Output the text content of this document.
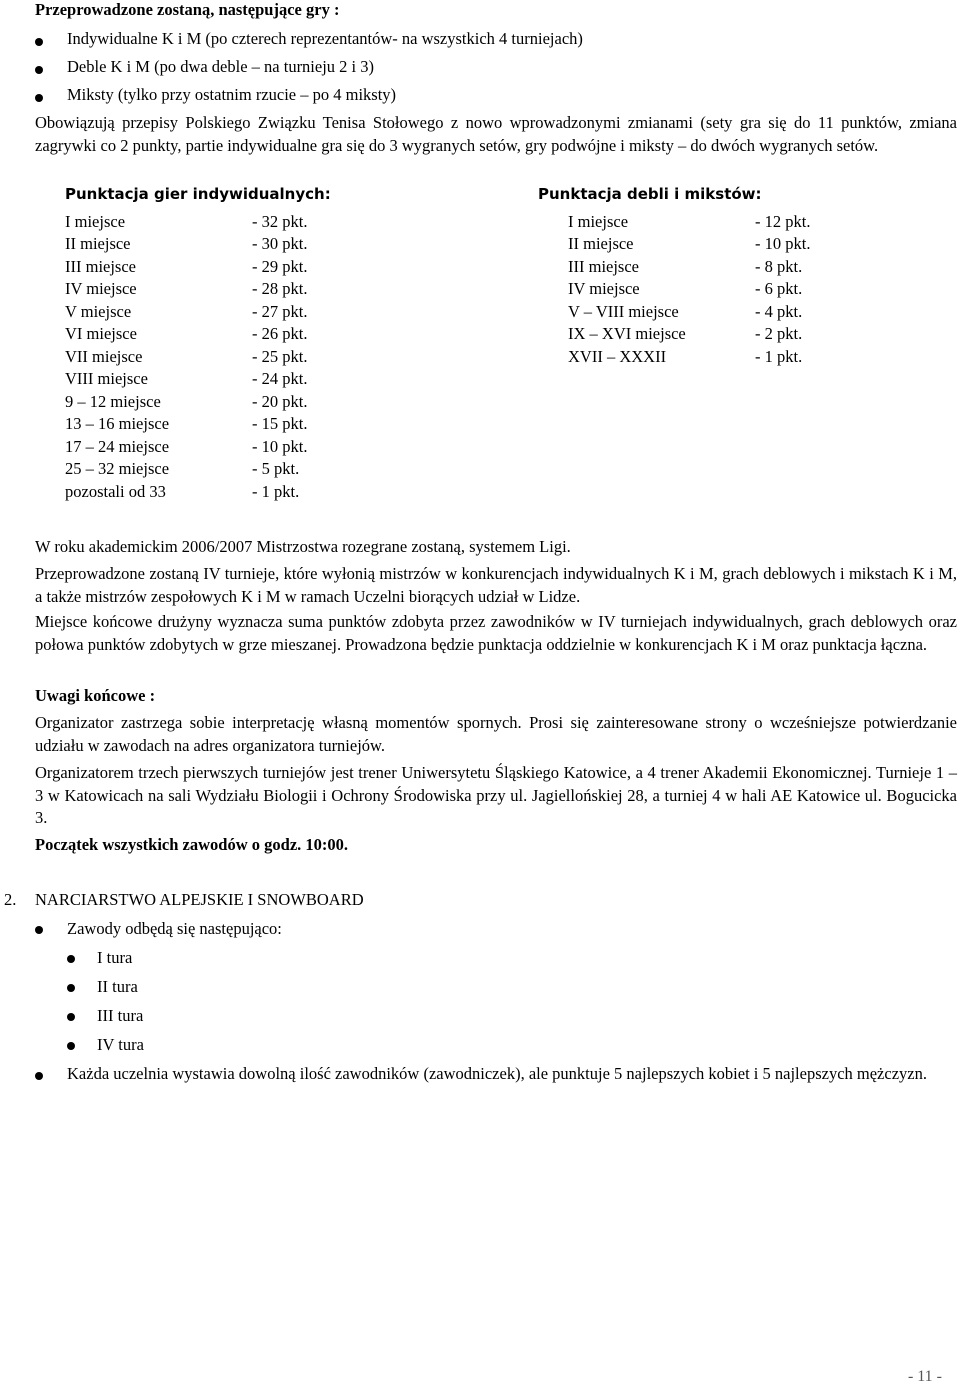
Przeprowadzone zostaną, następujące gry :
Indywidualne K i M (po czterech reprezentantów- na wszystkich 4 turniejach)
Deble K i M (po dwa deble – na turnieju 2 i 3)
Miksty (tylko przy ostatnim rzucie – po 4 miksty)
Obowiązują przepisy Polskiego Związku Tenisa Stołowego z nowo wprowadzonymi zmianami (sety gra się do 11 punktów, zmiana zagrywki co 2 punkty, partie indywidualne gra się do 3 wygranych setów, gry podwójne i miksty – do dwóch wygranych setów.
Punktacja gier indywidualnych:	Punktacja debli i mikstów:
I miejsce	- 32 pkt.
II miejsce	- 30 pkt.
III miejsce	- 29 pkt.
IV miejsce	- 28 pkt.
V miejsce	- 27 pkt.
VI miejsce	- 26 pkt.
VII miejsce	- 25 pkt.
VIII miejsce	- 24 pkt.
9 – 12 miejsce	- 20 pkt.
13 – 16 miejsce	- 15 pkt.
17 – 24 miejsce	- 10 pkt.
25 – 32 miejsce	- 5 pkt.
pozostali od 33	- 1 pkt.
I miejsce	- 12 pkt.
II miejsce	- 10 pkt.
III miejsce	- 8 pkt.
IV miejsce	- 6 pkt.
V – VIII miejsce	- 4 pkt.
IX – XVI miejsce	- 2 pkt.
XVII – XXXII	- 1 pkt.
W roku akademickim 2006/2007 Mistrzostwa rozegrane zostaną, systemem Ligi.
Przeprowadzone zostaną IV turnieje, które wyłonią mistrzów w konkurencjach indywidualnych K i M, grach deblowych i mikstach K i M, a także mistrzów zespołowych K i M w ramach Uczelni biorących udział w Lidze.
Miejsce końcowe drużyny wyznacza suma punktów zdobyta przez zawodników w IV turniejach indywidualnych, grach deblowych oraz połowa punktów zdobytych w grze mieszanej. Prowadzona będzie punktacja oddzielnie w konkurencjach K i M oraz punktacja łączna.
Uwagi końcowe :
Organizator zastrzega sobie interpretację własną momentów spornych. Prosi się zainteresowane strony o wcześniejsze potwierdzanie udziału w zawodach na adres organizatora turniejów.
Organizatorem trzech pierwszych turniejów jest trener Uniwersytetu Śląskiego Katowice, a 4 trener Akademii Ekonomicznej. Turnieje 1 – 3 w Katowicach na sali Wydziału Biologii i Ochrony Środowiska przy ul. Jagiellońskiej 28, a turniej 4 w hali AE Katowice ul. Bogucicka 3.
Początek wszystkich zawodów o godz. 10:00.
2. NARCIARSTWO ALPEJSKIE I SNOWBOARD
Zawody odbędą się następująco:
I tura
II tura
III tura
IV tura
Każda uczelnia wystawia dowolną ilość zawodników (zawodniczek), ale punktuje 5 najlepszych kobiet i 5 najlepszych mężczyzn.
- 11 -
